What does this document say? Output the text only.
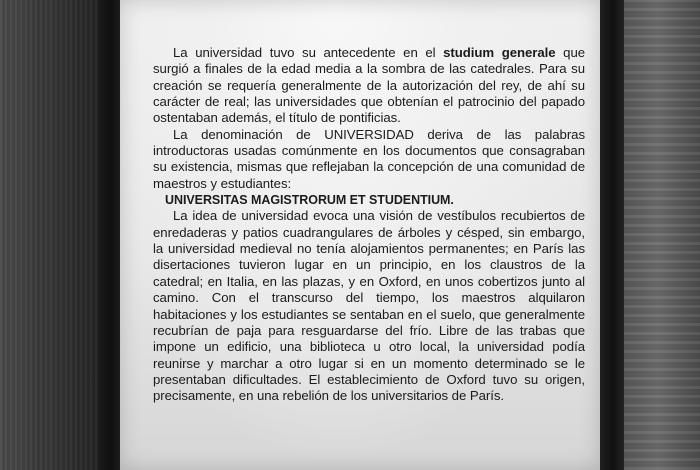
La universidad tuvo su antecedente en el studium generale que surgió a finales de la edad media a la sombra de las catedrales. Para su creación se requería generalmente de la autorización del rey, de ahí su carácter de real; las universidades que obtenían el patrocinio del papado ostentaban además, el título de pontificias.

La denominación de UNIVERSIDAD deriva de las palabras introductoras usadas comúnmente en los documentos que consagraban su existencia, mismas que reflejaban la concepción de una comunidad de maestros y estudiantes:

UNIVERSITAS MAGISTRORUM ET STUDENTIUM.

La idea de universidad evoca una visión de vestíbulos recubiertos de enredaderas y patios cuadrangulares de árboles y césped, sin embargo, la universidad medieval no tenía alojamientos permanentes; en París las disertaciones tuvieron lugar en un principio, en los claustros de la catedral; en Italia, en las plazas, y en Oxford, en unos cobertizos junto al camino. Con el transcurso del tiempo, los maestros alquilaron habitaciones y los estudiantes se sentaban en el suelo, que generalmente recubrían de paja para resguardarse del frío. Libre de las trabas que impone un edificio, una biblioteca u otro local, la universidad podía reunirse y marchar a otro lugar si en un momento determinado se le presentaban dificultades. El establecimiento de Oxford tuvo su origen, precisamente, en una rebelión de los universitarios de París.
